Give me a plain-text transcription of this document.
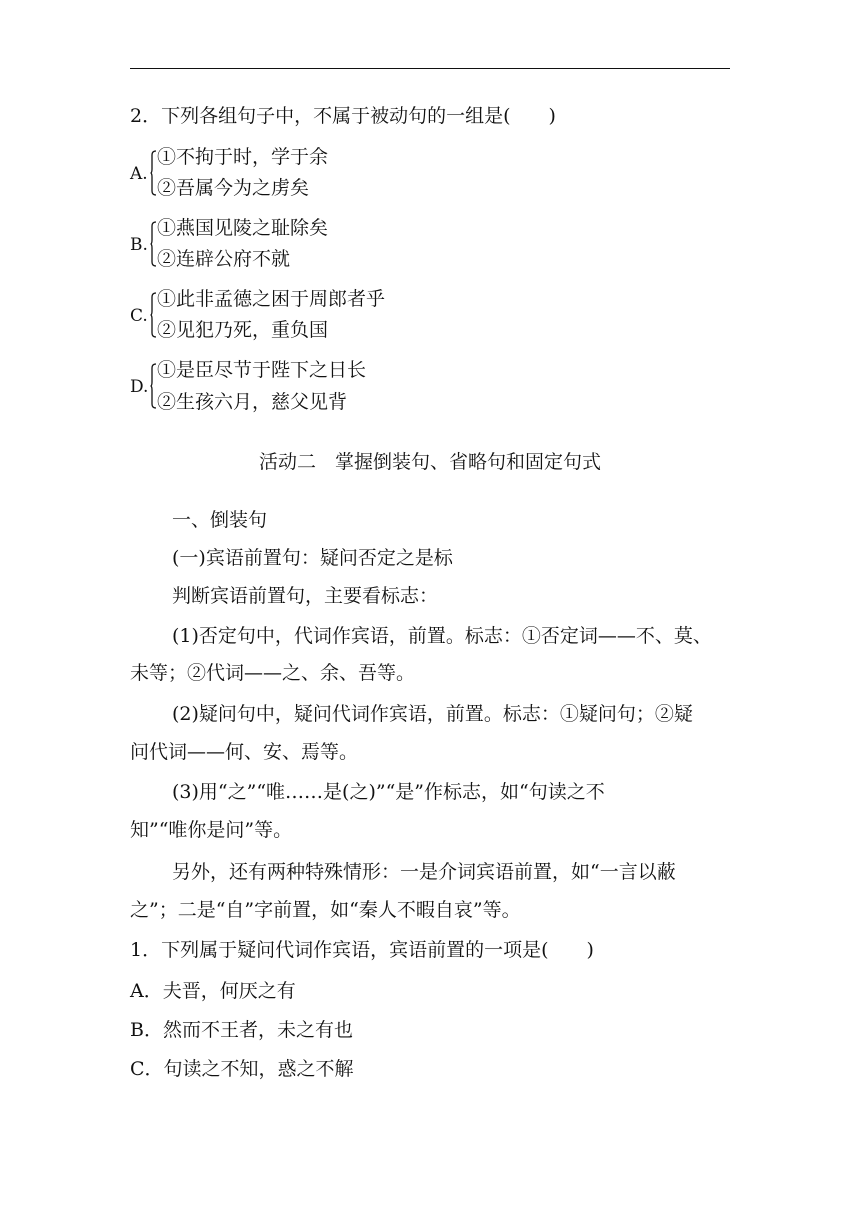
2．下列各组句子中，不属于被动句的一组是(　　)
A.
①不拘于时，学于余
②吾属今为之虏矣
B.
①燕国见陵之耻除矣
②连辟公府不就
C.
①此非孟德之困于周郎者乎
②见犯乃死，重负国
D.
①是臣尽节于陛下之日长
②生孩六月，慈父见背
活动二　掌握倒装句、省略句和固定句式
一、倒装句
(一)宾语前置句：疑问否定之是标
判断宾语前置句，主要看标志：
(1)否定句中，代词作宾语，前置。标志：①否定词——不、莫、
未等；②代词——之、余、吾等。
(2)疑问句中，疑问代词作宾语，前置。标志：①疑问句；②疑
问代词——何、安、焉等。
(3)用“之”“唯……是(之)”“是”作标志，如“句读之不
知”“唯你是问”等。
另外，还有两种特殊情形：一是介词宾语前置，如“一言以蔽
之”；二是“自”字前置，如“秦人不暇自哀”等。
1．下列属于疑问代词作宾语，宾语前置的一项是(　　)
A．夫晋，何厌之有
B．然而不王者，未之有也
C．句读之不知，惑之不解
